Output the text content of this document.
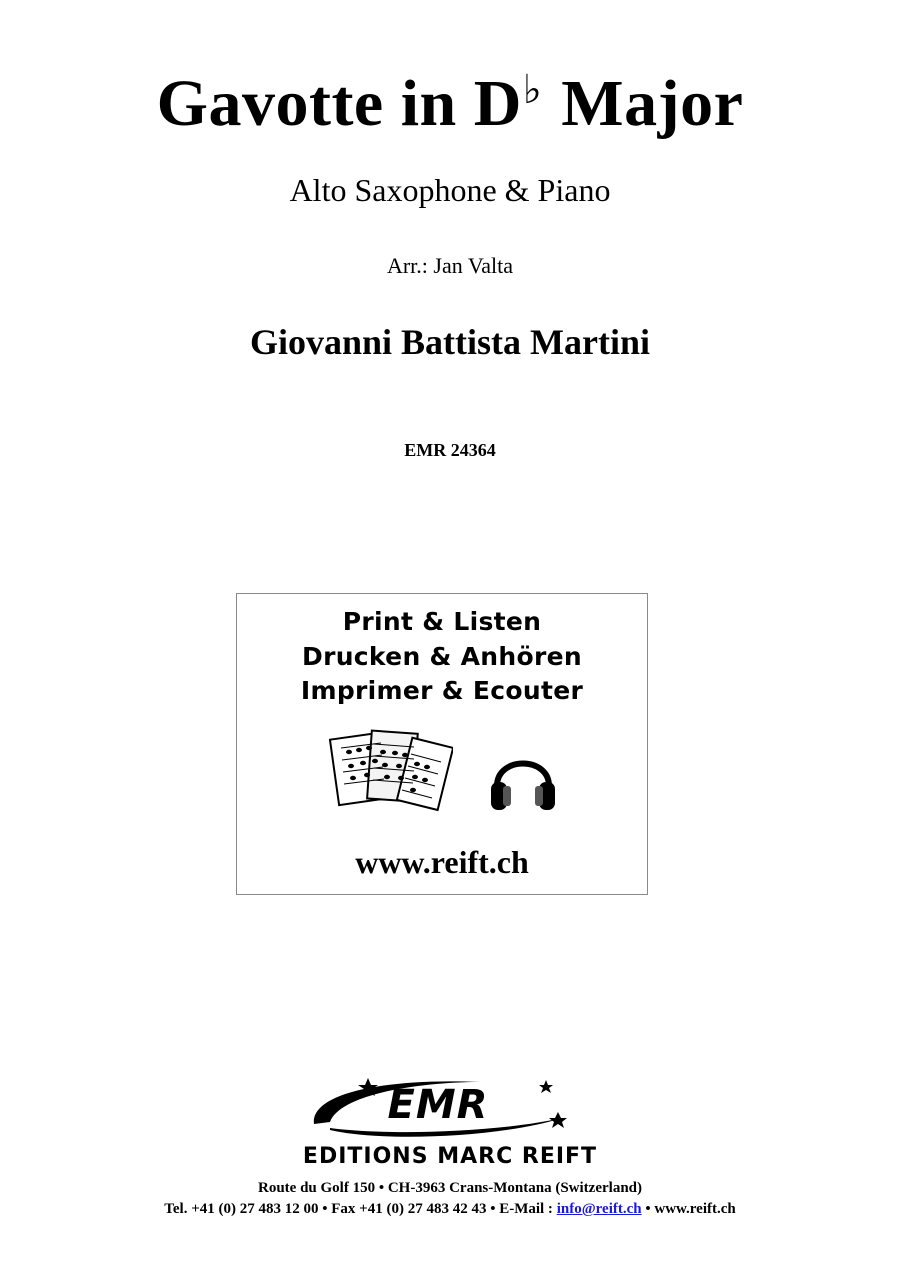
Gavotte in D♭ Major
Alto Saxophone & Piano
Arr.: Jan Valta
Giovanni Battista Martini
EMR 24364
Print & Listen
Drucken & Anhören
Imprimer & Ecouter
www.reift.ch
EMR
EDITIONS MARC REIFT
Route du Golf 150 • CH-3963 Crans-Montana (Switzerland)
Tel. +41 (0) 27 483 12 00 • Fax +41 (0) 27 483 42 43 • E-Mail : info@reift.ch • www.reift.ch
